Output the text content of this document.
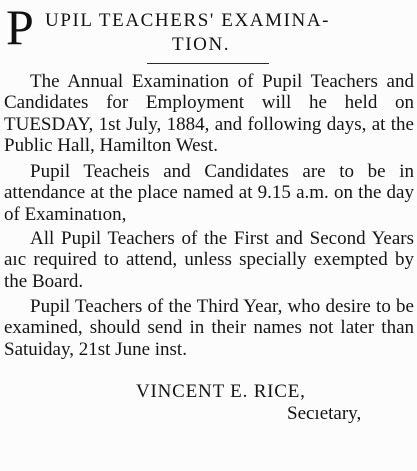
P UPIL TEACHERS' EXAMINA-
TION.
The Annual Examination of Pupil Teachers and Candidates for Employment will he held on TUESDAY, 1st July, 1884, and following days, at the Public Hall, Hamilton West.
Pupil Teacheis and Candidates are to be in attendance at the place named at 9.15 a.m. on the day of Examinatıon,
All Pupil Teachers of the First and Second Years aıc required to attend, unless specially exempted by the Board.
Pupil Teachers of the Third Year, who desire to be examined, should send in their names not later than Satuiday, 21st June inst.
VINCENT E. RICE,
Secıetary,
